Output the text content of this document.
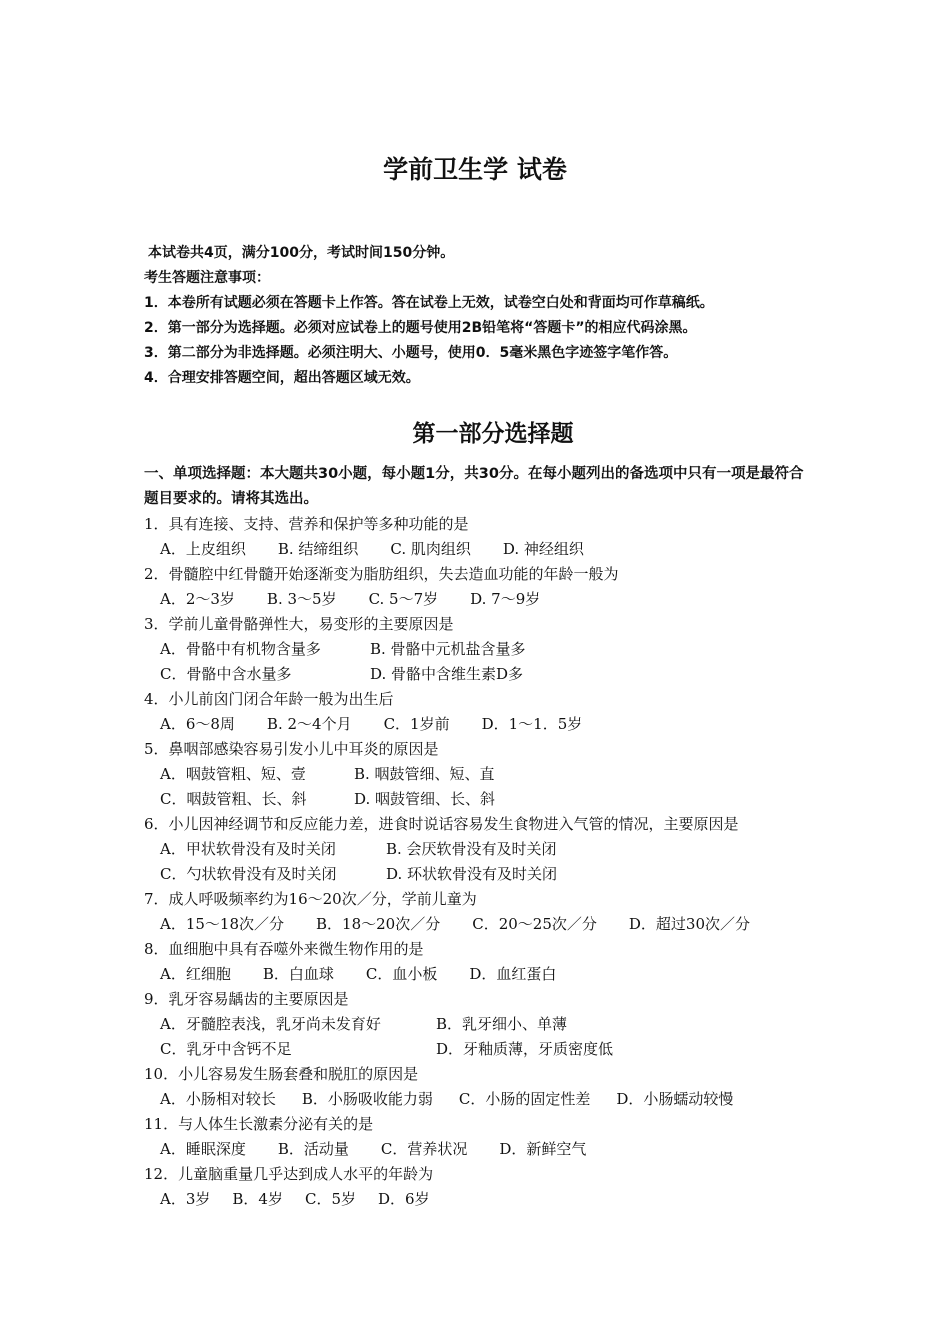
学前卫生学 试卷
本试卷共4页，满分100分，考试时间150分钟。
考生答题注意事项：
1．本卷所有试题必须在答题卡上作答。答在试卷上无效，试卷空白处和背面均可作草稿纸。
2．第一部分为选择题。必须对应试卷上的题号使用2B铅笔将“答题卡”的相应代码涂黑。
3．第二部分为非选择题。必须注明大、小题号，使用0．5毫米黑色字迹签字笔作答。
4．合理安排答题空间，超出答题区域无效。
第一部分选择题
一、单项选择题：本大题共30小题，每小题1分，共30分。在每小题列出的备选项中只有一项是最符合题目要求的。请将其选出。
1．具有连接、支持、营养和保护等多种功能的是
A．上皮组织 B. 结缔组织 C. 肌肉组织 D. 神经组织
2．骨髓腔中红骨髓开始逐渐变为脂肪组织，失去造血功能的年龄一般为
A．2～3岁 B. 3～5岁 C. 5～7岁 D. 7～9岁
3．学前儿童骨骼弹性大，易变形的主要原因是
A．骨骼中有机物含量多	B. 骨骼中元机盐含量多
C．骨骼中含水量多	D. 骨骼中含维生素D多
4．小儿前囟门闭合年龄一般为出生后
A．6～8周 B. 2～4个月 C．1岁前 D．1～1．5岁
5．鼻咽部感染容易引发小儿中耳炎的原因是
A．咽鼓管粗、短、壹	B. 咽鼓管细、短、直
C．咽鼓管粗、长、斜	D. 咽鼓管细、长、斜
6．小儿因神经调节和反应能力差，进食时说话容易发生食物进入气管的情况，主要原因是
A．甲状软骨没有及时关闭	B. 会厌软骨没有及时关闭
C．勺状软骨没有及时关闭	D. 环状软骨没有及时关闭
7．成人呼吸频率约为16～20次／分，学前儿童为
A．15～18次／分 B．18～20次／分 C．20～25次／分 D．超过30次／分
8．血细胞中具有吞噬外来微生物作用的是
A．红细胞 B．白血球 C．血小板 D．血红蛋白
9．乳牙容易龋齿的主要原因是
A．牙髓腔表浅，乳牙尚未发育好	B．乳牙细小、单薄
C．乳牙中含钙不足	D．牙釉质薄，牙质密度低
10．小儿容易发生肠套叠和脱肛的原因是
A．小肠相对较长 B．小肠吸收能力弱 C．小肠的固定性差 D．小肠蠕动较慢
11．与人体生长激素分泌有关的是
A．睡眠深度 B．活动量 C．营养状况 D．新鲜空气
12．儿童脑重量几乎达到成人水平的年龄为
A．3岁 B．4岁 C．5岁 D．6岁
